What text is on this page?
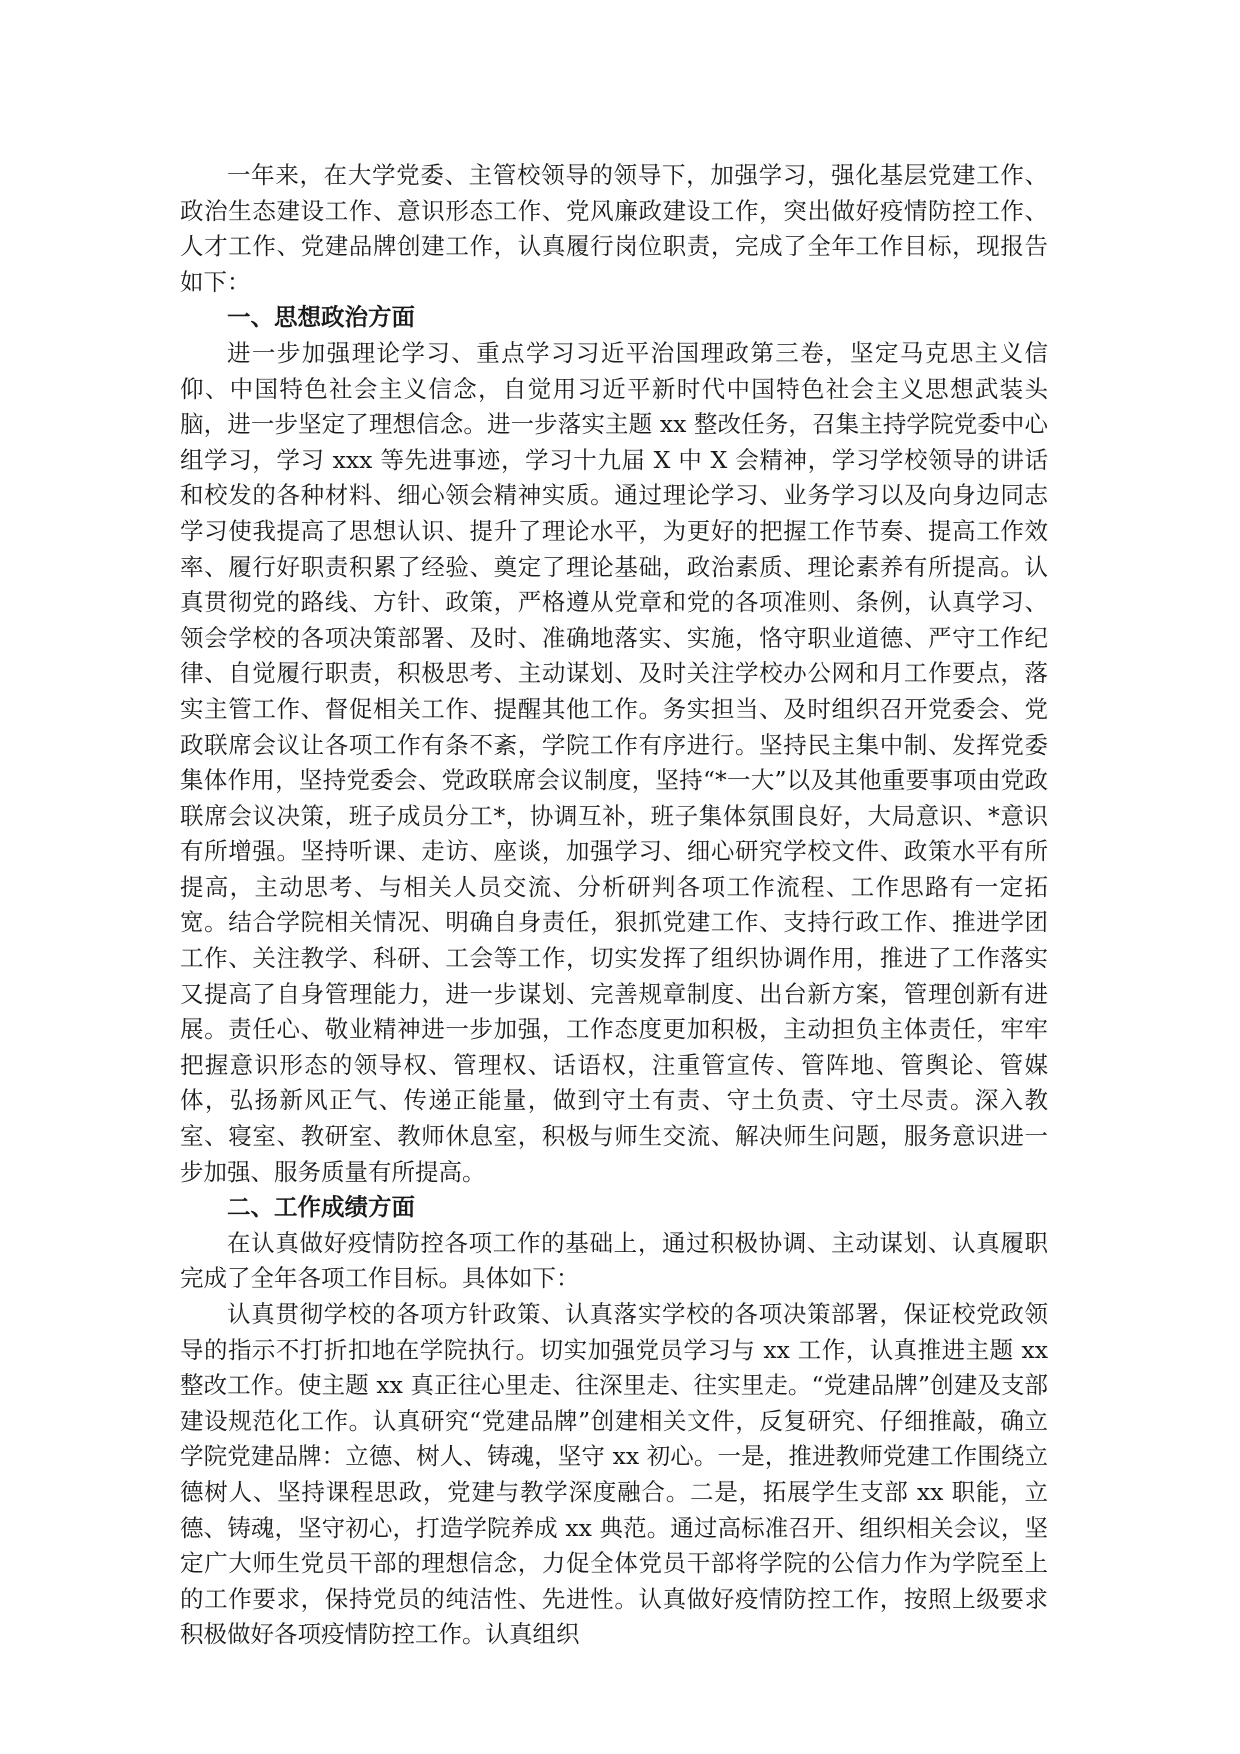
一年来，在大学党委、主管校领导的领导下，加强学习，强化基层党建工作、政治生态建设工作、意识形态工作、党风廉政建设工作，突出做好疫情防控工作、人才工作、党建品牌创建工作，认真履行岗位职责，完成了全年工作目标，现报告如下：

一、思想政治方面

进一步加强理论学习、重点学习习近平治国理政第三卷，坚定马克思主义信仰、中国特色社会主义信念，自觉用习近平新时代中国特色社会主义思想武装头脑，进一步坚定了理想信念。进一步落实主题 xx 整改任务，召集主持学院党委中心组学习，学习 xxx 等先进事迹，学习十九届 X 中 X 会精神，学习学校领导的讲话和校发的各种材料、细心领会精神实质。通过理论学习、业务学习以及向身边同志学习使我提高了思想认识、提升了理论水平，为更好的把握工作节奏、提高工作效率、履行好职责积累了经验、奠定了理论基础，政治素质、理论素养有所提高。认真贯彻党的路线、方针、政策，严格遵从党章和党的各项准则、条例，认真学习、领会学校的各项决策部署、及时、准确地落实、实施，恪守职业道德、严守工作纪律、自觉履行职责，积极思考、主动谋划、及时关注学校办公网和月工作要点，落实主管工作、督促相关工作、提醒其他工作。务实担当、及时组织召开党委会、党政联席会议让各项工作有条不紊，学院工作有序进行。坚持民主集中制、发挥党委集体作用，坚持党委会、党政联席会议制度，坚持“*一大”以及其他重要事项由党政联席会议决策，班子成员分工*，协调互补，班子集体氛围良好，大局意识、*意识有所增强。坚持听课、走访、座谈，加强学习、细心研究学校文件、政策水平有所提高，主动思考、与相关人员交流、分析研判各项工作流程、工作思路有一定拓宽。结合学院相关情况、明确自身责任，狠抓党建工作、支持行政工作、推进学团工作、关注教学、科研、工会等工作，切实发挥了组织协调作用，推进了工作落实又提高了自身管理能力，进一步谋划、完善规章制度、出台新方案，管理创新有进展。责任心、敬业精神进一步加强，工作态度更加积极，主动担负主体责任，牢牢把握意识形态的领导权、管理权、话语权，注重管宣传、管阵地、管舆论、管媒体，弘扬新风正气、传递正能量，做到守土有责、守土负责、守土尽责。深入教室、寝室、教研室、教师休息室，积极与师生交流、解决师生问题，服务意识进一步加强、服务质量有所提高。

二、工作成绩方面

在认真做好疫情防控各项工作的基础上，通过积极协调、主动谋划、认真履职完成了全年各项工作目标。具体如下：

认真贯彻学校的各项方针政策、认真落实学校的各项决策部署，保证校党政领导的指示不打折扣地在学院执行。切实加强党员学习与 xx 工作，认真推进主题 xx 整改工作。使主题 xx 真正往心里走、往深里走、往实里走。“党建品牌”创建及支部建设规范化工作。认真研究“党建品牌”创建相关文件，反复研究、仔细推敲，确立学院党建品牌：立德、树人、铸魂，坚守 xx 初心。一是，推进教师党建工作围绕立德树人、坚持课程思政，党建与教学深度融合。二是，拓展学生支部 xx 职能，立德、铸魂，坚守初心，打造学院养成 xx 典范。通过高标准召开、组织相关会议，坚定广大师生党员干部的理想信念，力促全体党员干部将学院的公信力作为学院至上的工作要求，保持党员的纯洁性、先进性。认真做好疫情防控工作，按照上级要求积极做好各项疫情防控工作。认真组织
